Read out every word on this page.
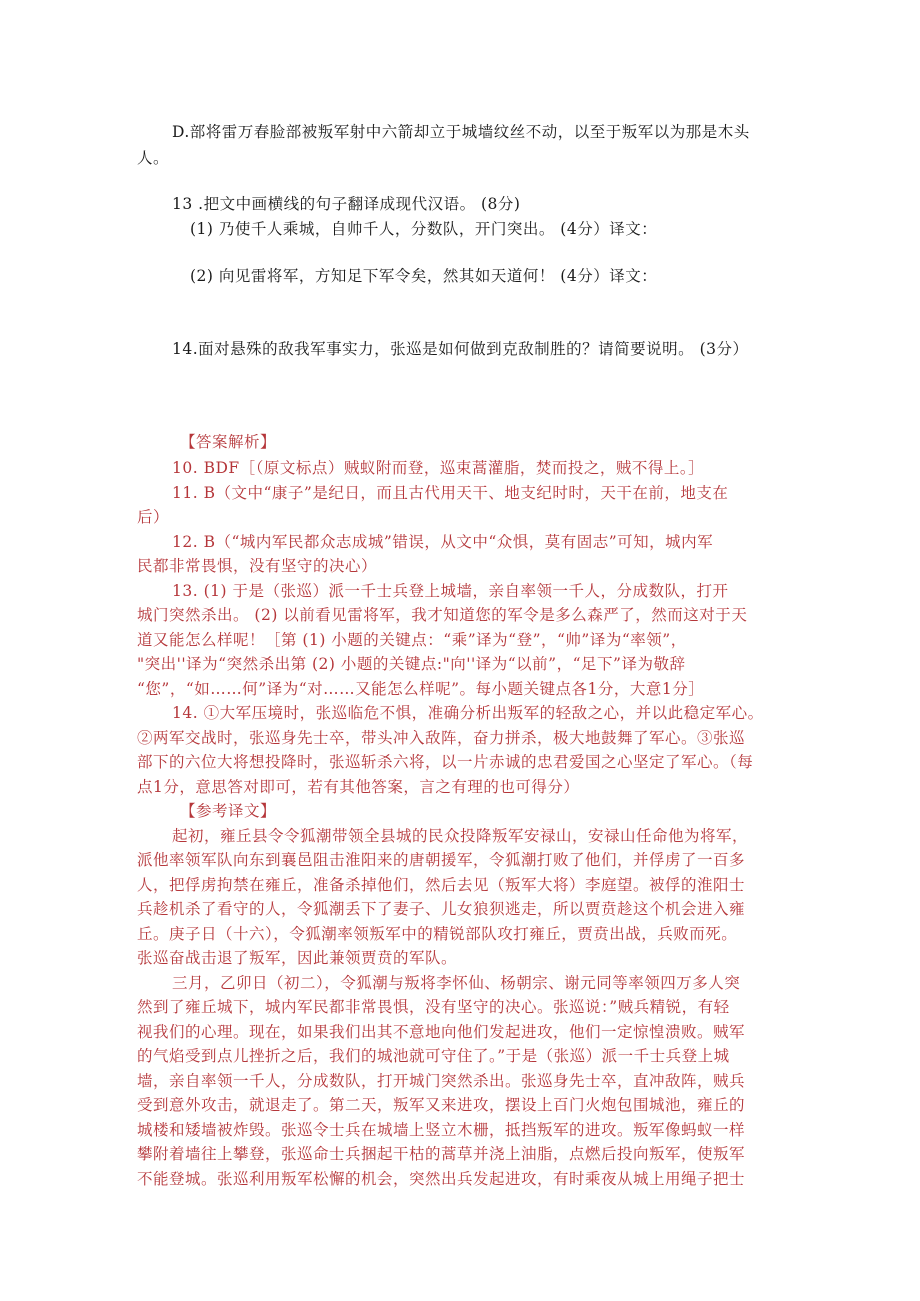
D.部将雷万春脸部被叛军射中六箭却立于城墙纹丝不动，以至于叛军以为那是木头
人。
13 .把文中画横线的句子翻译成现代汉语。 (8分)
(1) 乃使千人乘城，自帅千人，分数队，开门突出。 (4分）译文：
(2) 向见雷将军，方知足下军令矣，然其如天道何！ (4分）译文：
14.面对悬殊的敌我军事实力，张巡是如何做到克敌制胜的？请简要说明。 (3分）
【答案解析】
10. BDF［（原文标点）贼蚁附而登，巡束蒿灌脂，焚而投之，贼不得上。］
11. B（文中“康子”是纪日，而且古代用天干、地支纪时时，天干在前，地支在
后）
12. B（“城内军民都众志成城”错误，从文中“众惧，莫有固志”可知，城内军
民都非常畏惧，没有坚守的决心）
13. (1) 于是（张巡）派一千士兵登上城墙，亲自率领一千人，分成数队，打开
城门突然杀出。 (2) 以前看见雷将军，我才知道您的军令是多么森严了，然而这对于天
道又能怎么样呢！［第 (1) 小题的关键点：“乘”译为“登”，“帅”译为“率领”，
"突出''译为“突然杀出第 (2) 小题的关键点:"向''译为“以前”，“足下”译为敬辞
“您”，“如……何”译为“对……又能怎么样呢”。每小题关键点各1分，大意1分］
14. ①大军压境时，张巡临危不惧，准确分析出叛军的轻敌之心，并以此稳定军心。
②两军交战时，张巡身先士卒，带头冲入敌阵，奋力拼杀，极大地鼓舞了军心。③张巡
部下的六位大将想投降时，张巡斩杀六将，以一片赤诚的忠君爱国之心坚定了军心。（每
点1分，意思答对即可，若有其他答案，言之有理的也可得分）
【参考译文】
起初，雍丘县令令狐潮带领全县城的民众投降叛军安禄山，安禄山任命他为将军，
派他率领军队向东到襄邑阻击淮阳来的唐朝援军，令狐潮打败了他们，并俘虏了一百多
人，把俘虏拘禁在雍丘，准备杀掉他们，然后去见（叛军大将）李庭望。被俘的淮阳士
兵趁机杀了看守的人，令狐潮丢下了妻子、儿女狼狈逃走，所以贾贲趁这个机会进入雍
丘。庚子日（十六），令狐潮率领叛军中的精锐部队攻打雍丘，贾贲出战，兵败而死。
张巡奋战击退了叛军，因此兼领贾贲的军队。
三月，乙卯日（初二），令狐潮与叛将李怀仙、杨朝宗、谢元同等率领四万多人突
然到了雍丘城下，城内军民都非常畏惧，没有坚守的决心。张巡说：”贼兵精锐，有轻
视我们的心理。现在，如果我们出其不意地向他们发起进攻，他们一定惊惶溃败。贼军
的气焰受到点儿挫折之后，我们的城池就可守住了。”于是（张巡）派一千士兵登上城
墙，亲自率领一千人，分成数队，打开城门突然杀出。张巡身先士卒，直冲敌阵，贼兵
受到意外攻击，就退走了。第二天，叛军又来进攻，摆设上百门火炮包围城池，雍丘的
城楼和矮墙被炸毁。张巡令士兵在城墙上竖立木栅，抵挡叛军的进攻。叛军像蚂蚁一样
攀附着墙往上攀登，张巡命士兵捆起干枯的蒿草并浇上油脂，点燃后投向叛军，使叛军
不能登城。张巡利用叛军松懈的机会，突然出兵发起进攻，有时乘夜从城上用绳子把士
